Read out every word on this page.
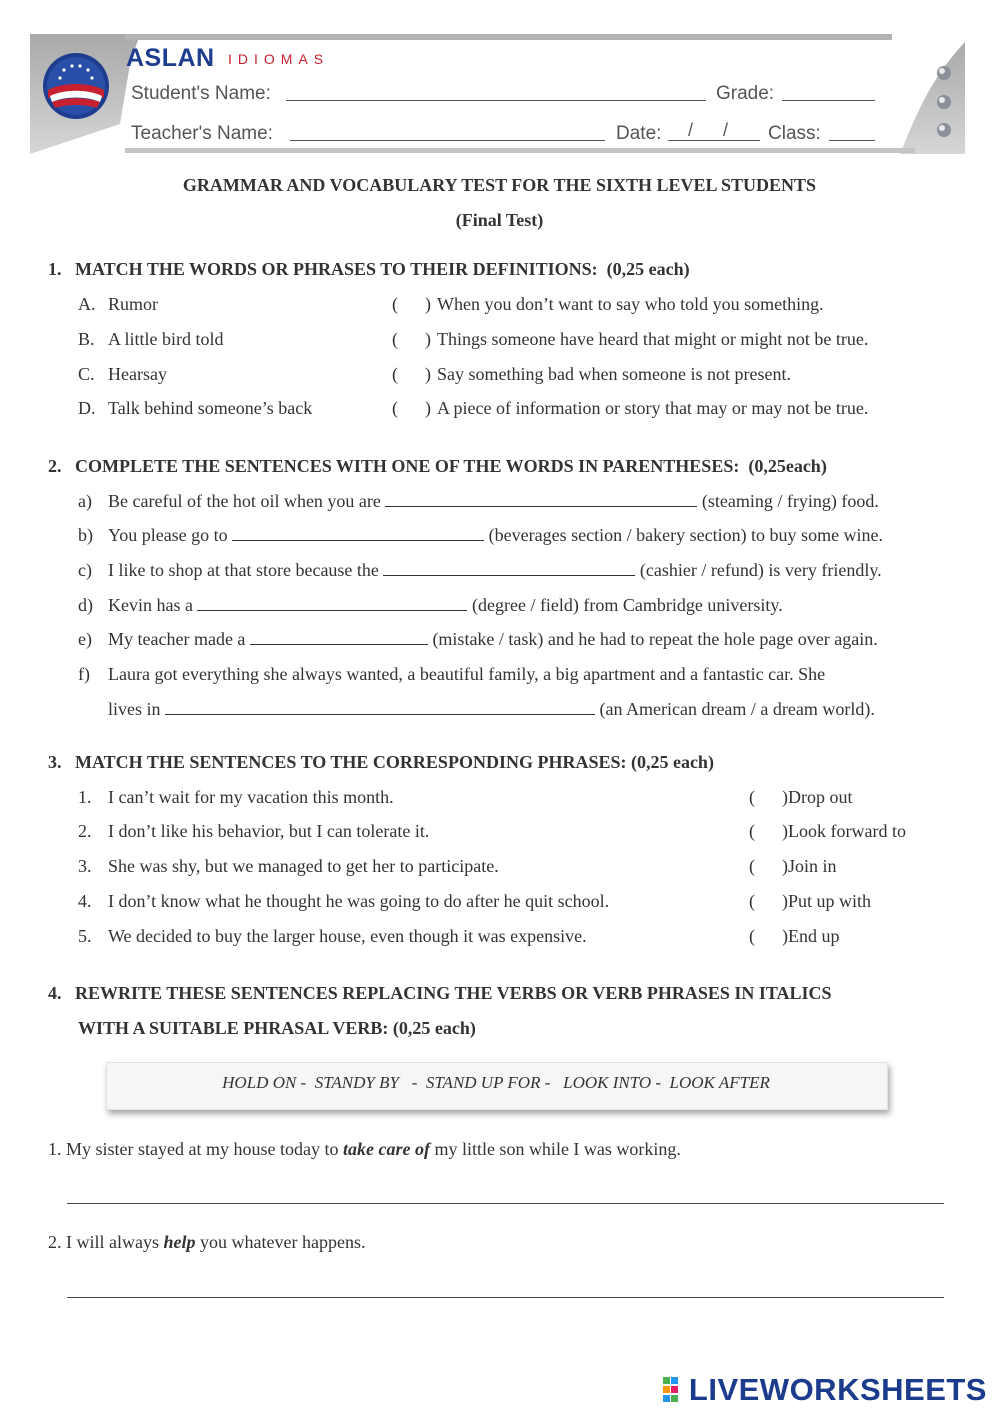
ASLAN IDIOMAS
Student's Name:	Grade:
Teacher's Name:	Date: /      / Class:
GRAMMAR AND VOCABULARY TEST FOR THE SIXTH LEVEL STUDENTS
(Final Test)
1.   MATCH THE WORDS OR PHRASES TO THEIR DEFINITIONS:  (0,25 each)
A. Rumor	(      ) When you don’t want to say who told you something.
B. A little bird told	(      ) Things someone have heard that might or might not be true.
C. Hearsay	(      ) Say something bad when someone is not present.
D. Talk behind someone’s back	(      ) A piece of information or story that may or may not be true.
2.   COMPLETE THE SENTENCES WITH ONE OF THE WORDS IN PARENTHESES:  (0,25each)
a) Be careful of the hot oil when you are	(steaming / frying) food.
b) You please go to	(beverages section / bakery section) to buy some wine.
c) I like to shop at that store because the	(cashier / refund) is very friendly.
d) Kevin has a	(degree / field) from Cambridge university.
e) My teacher made a	(mistake / task) and he had to repeat the hole page over again.
f) Laura got everything she always wanted, a beautiful family, a big apartment and a fantastic car. She
lives in	(an American dream / a dream world).
3.   MATCH THE SENTENCES TO THE CORRESPONDING PHRASES: (0,25 each)
1. I can’t wait for my vacation this month.	(      ) Drop out
2. I don’t like his behavior, but I can tolerate it.	(      ) Look forward to
3. She was shy, but we managed to get her to participate.	(      ) Join in
4. I don’t know what he thought he was going to do after he quit school.	(      ) Put up with
5. We decided to buy the larger house, even though it was expensive.	(      ) End up
4.   REWRITE THESE SENTENCES REPLACING THE VERBS OR VERB PHRASES IN ITALICS
WITH A SUITABLE PHRASAL VERB: (0,25 each)
HOLD ON -  STANDY BY   -  STAND UP FOR -   LOOK INTO -  LOOK AFTER
1. My sister stayed at my house today to take care of my little son while I was working.
2. I will always help you whatever happens.
LIVEWORKSHEETS
